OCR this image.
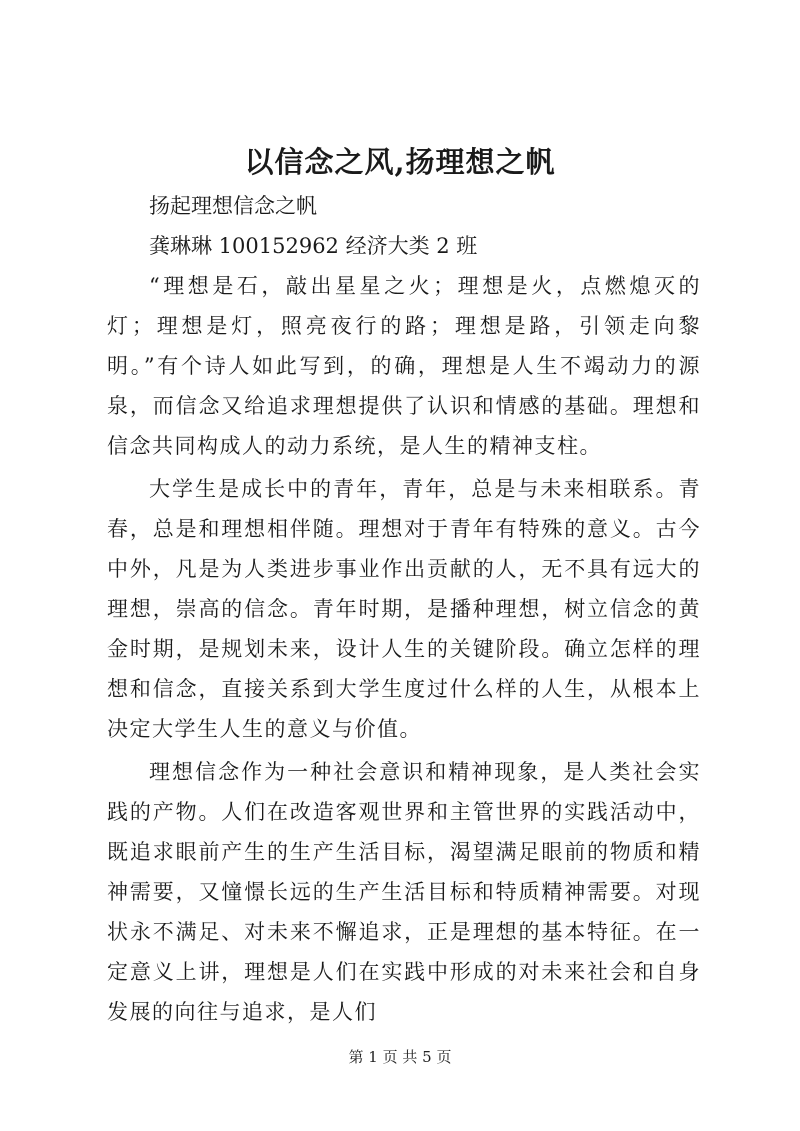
以信念之风,扬理想之帆

扬起理想信念之帆

龚琳琳 100152962 经济大类 2 班

“理想是石，敲出星星之火；理想是火，点燃熄灭的灯；理想是灯，照亮夜行的路；理想是路，引领走向黎明。”有个诗人如此写到，的确，理想是人生不竭动力的源泉，而信念又给追求理想提供了认识和情感的基础。理想和信念共同构成人的动力系统，是人生的精神支柱。

大学生是成长中的青年，青年，总是与未来相联系。青春，总是和理想相伴随。理想对于青年有特殊的意义。古今中外，凡是为人类进步事业作出贡献的人，无不具有远大的理想，崇高的信念。青年时期，是播种理想，树立信念的黄金时期，是规划未来，设计人生的关键阶段。确立怎样的理想和信念，直接关系到大学生度过什么样的人生，从根本上决定大学生人生的意义与价值。

理想信念作为一种社会意识和精神现象，是人类社会实践的产物。人们在改造客观世界和主管世界的实践活动中，既追求眼前产生的生产生活目标，渴望满足眼前的物质和精神需要，又憧憬长远的生产生活目标和特质精神需要。对现状永不满足、对未来不懈追求，正是理想的基本特征。在一定意义上讲，理想是人们在实践中形成的对未来社会和自身发展的向往与追求，是人们

第 1 页 共 5 页
